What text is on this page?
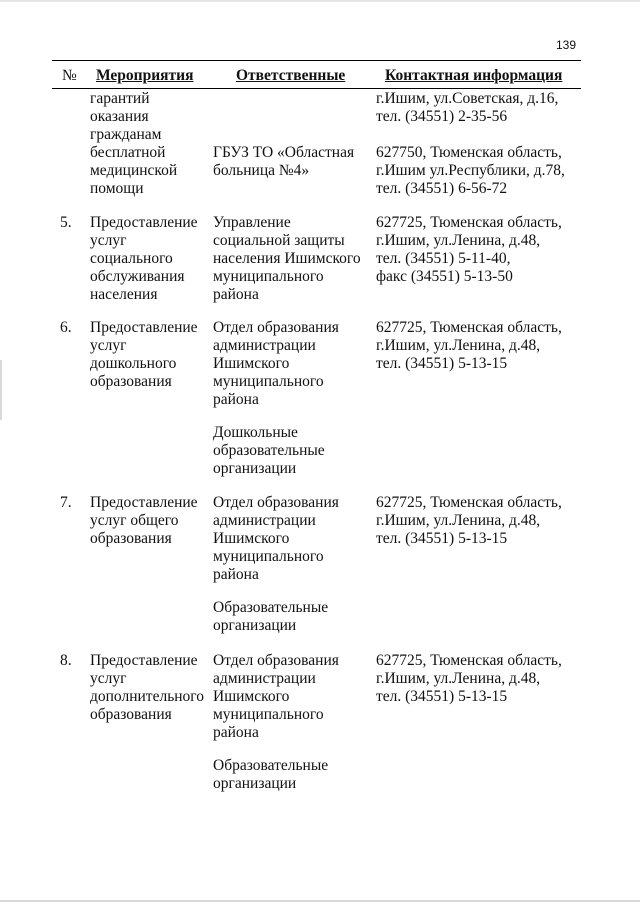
139
№ Мероприятия	Ответственные	Контактная информация
гарантий
оказания
гражданам
бесплатной
медицинской
помощи
г.Ишим, ул.Советская, д.16,
тел. (34551) 2-35-56
ГБУЗ ТО «Областная
больница №4»
627750, Тюменская область,
г.Ишим ул.Республики, д.78,
тел. (34551) 6-56-72
5. Предоставление
услуг
социального
обслуживания
населения
Управление
социальной защиты
населения Ишимского
муниципального
района
627725, Тюменская область,
г.Ишим, ул.Ленина, д.48,
тел. (34551) 5-11-40,
факс (34551) 5-13-50
6. Предоставление
услуг
дошкольного
образования
Отдел образования
администрации
Ишимского
муниципального
района
Дошкольные
образовательные
организации
627725, Тюменская область,
г.Ишим, ул.Ленина, д.48,
тел. (34551) 5-13-15
7. Предоставление
услуг общего
образования
Отдел образования
администрации
Ишимского
муниципального
района
Образовательные
организации
627725, Тюменская область,
г.Ишим, ул.Ленина, д.48,
тел. (34551) 5-13-15
8. Предоставление
услуг
дополнительного
образования
Отдел образования
администрации
Ишимского
муниципального
района
Образовательные
организации
627725, Тюменская область,
г.Ишим, ул.Ленина, д.48,
тел. (34551) 5-13-15
